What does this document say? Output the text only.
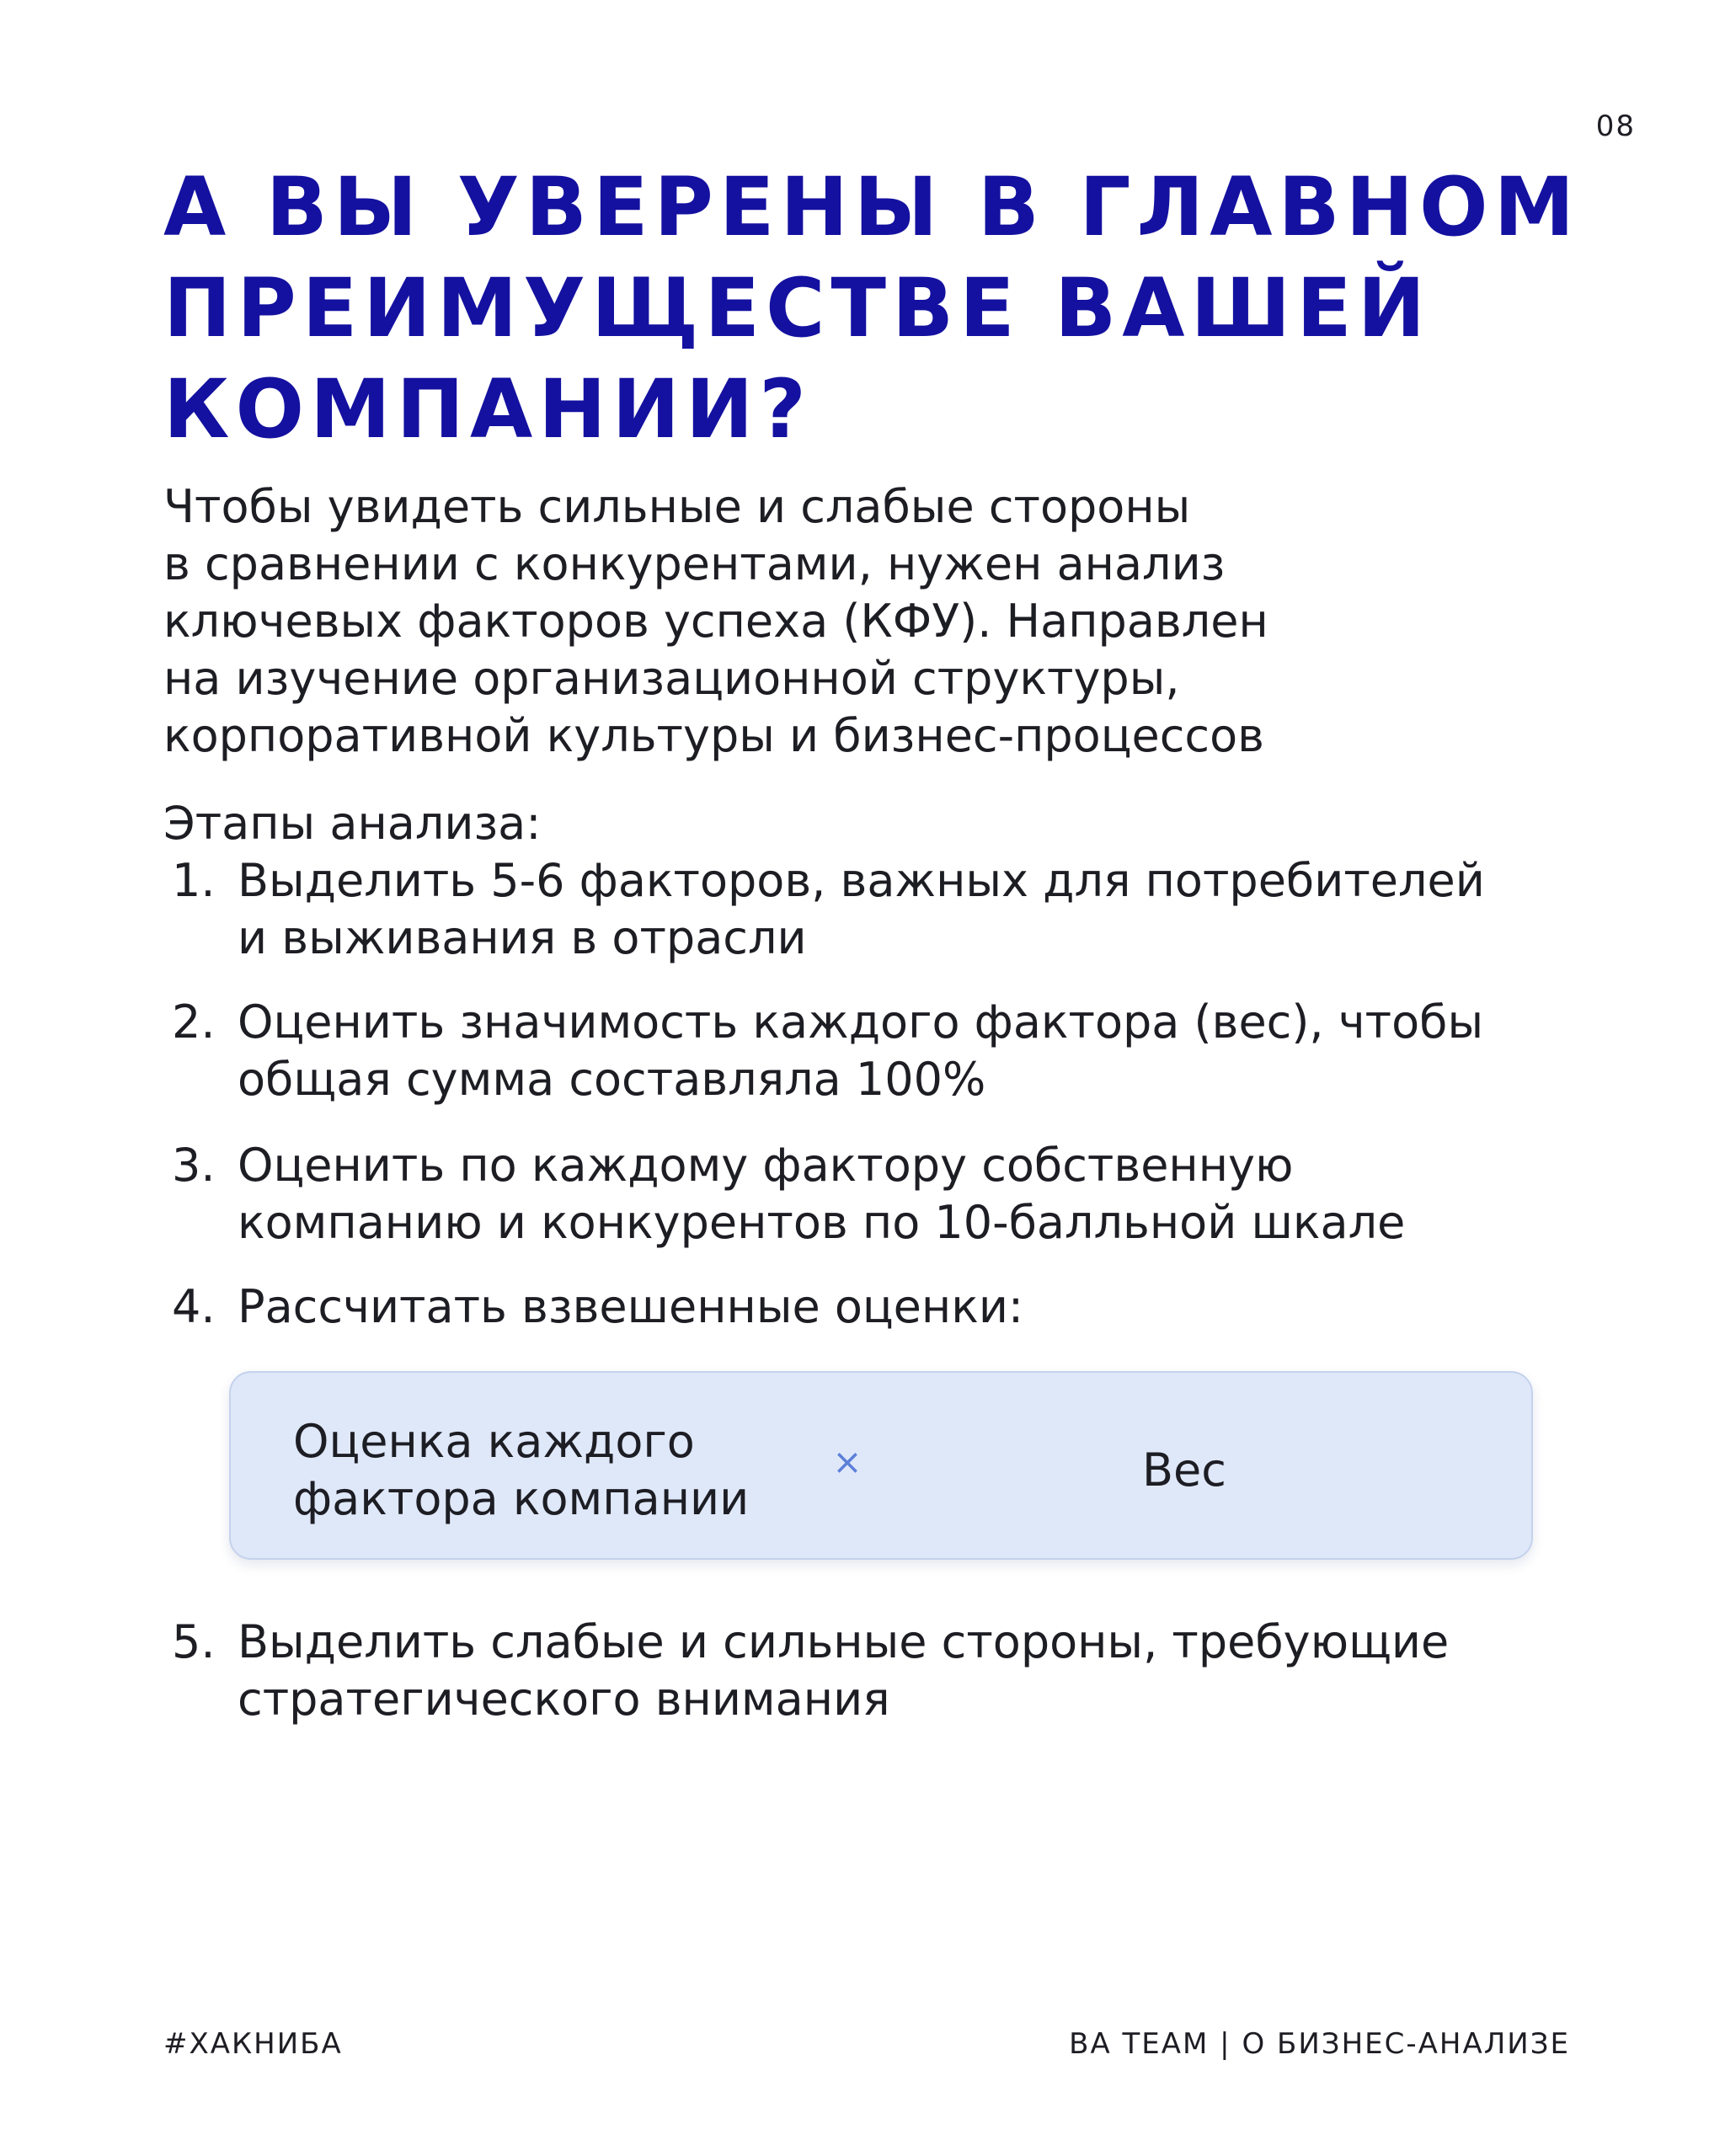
08
А ВЫ УВЕРЕНЫ В ГЛАВНОМ
ПРЕИМУЩЕСТВЕ ВАШЕЙ
КОМПАНИИ?

Чтобы увидеть сильные и слабые стороны
в сравнении с конкурентами, нужен анализ
ключевых факторов успеха (КФУ). Направлен
на изучение организационной структуры,
корпоративной культуры и бизнес-процессов

Этапы анализа:
1. Выделить 5-6 факторов, важных для потребителей
и выживания в отрасли
2. Оценить значимость каждого фактора (вес), чтобы
общая сумма составляла 100%
3. Оценить по каждому фактору собственную
компанию и конкурентов по 10-балльной шкале
4. Рассчитать взвешенные оценки:
Оценка каждого
фактора компании
×	Вес
5. Выделить слабые и сильные стороны, требующие
стратегического внимания
#ХАКНИБА	BA TEAM | О БИЗНЕС-АНАЛИЗЕ
